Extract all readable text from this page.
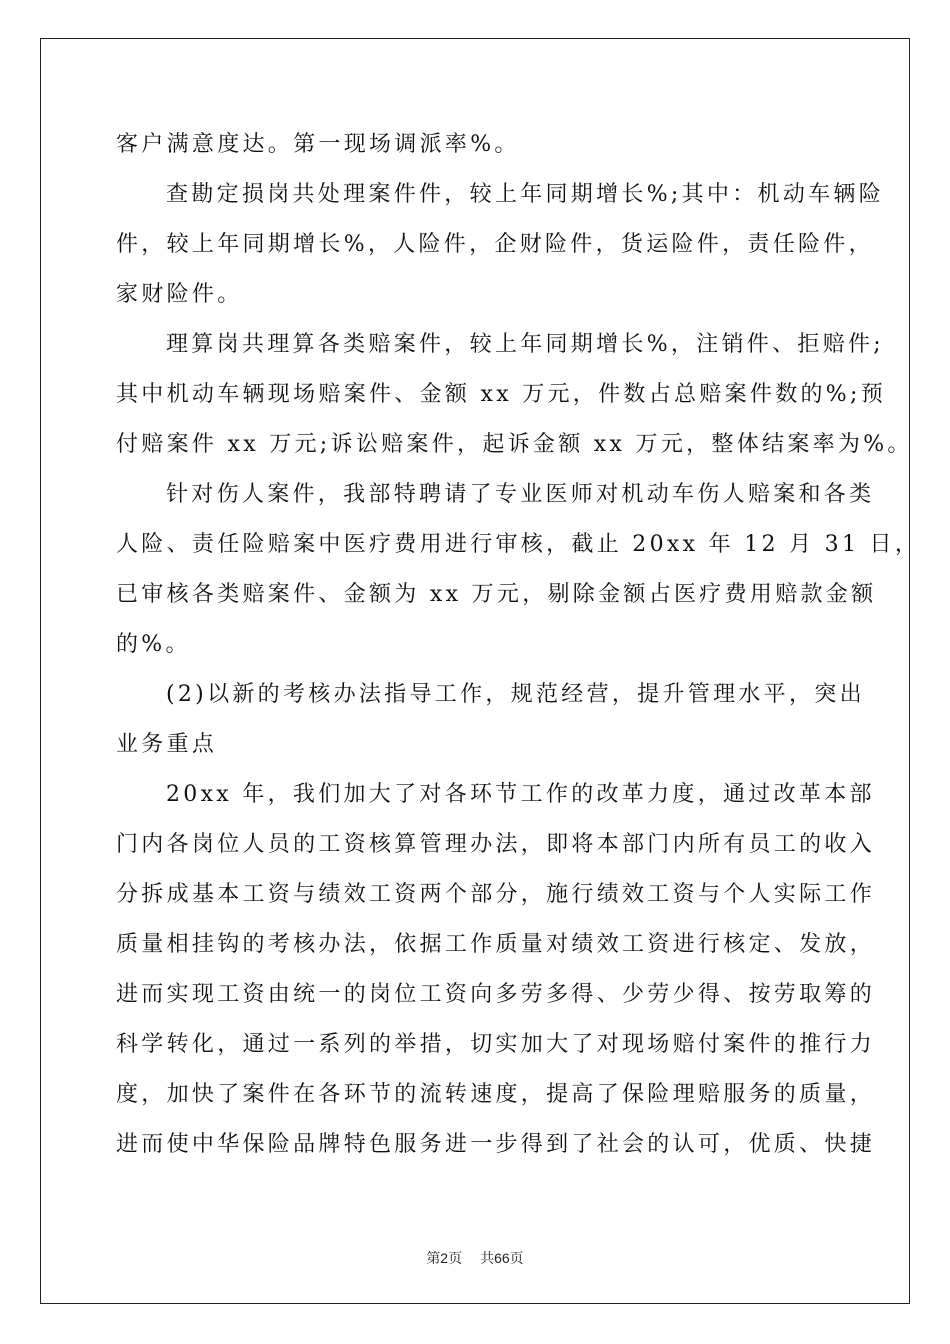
客户满意度达。第一现场调派率%。
查勘定损岗共处理案件件，较上年同期增长%;其中：机动车辆险
件，较上年同期增长%，人险件，企财险件，货运险件，责任险件，
家财险件。
理算岗共理算各类赔案件，较上年同期增长%，注销件、拒赔件;
其中机动车辆现场赔案件、金额 xx 万元，件数占总赔案件数的%;预
付赔案件 xx 万元;诉讼赔案件，起诉金额 xx 万元，整体结案率为%。
针对伤人案件，我部特聘请了专业医师对机动车伤人赔案和各类
人险、责任险赔案中医疗费用进行审核，截止 20xx 年 12 月 31 日，
已审核各类赔案件、金额为 xx 万元，剔除金额占医疗费用赔款金额
的%。
(2)以新的考核办法指导工作，规范经营，提升管理水平，突出
业务重点
20xx 年，我们加大了对各环节工作的改革力度，通过改革本部
门内各岗位人员的工资核算管理办法，即将本部门内所有员工的收入
分拆成基本工资与绩效工资两个部分，施行绩效工资与个人实际工作
质量相挂钩的考核办法，依据工作质量对绩效工资进行核定、发放，
进而实现工资由统一的岗位工资向多劳多得、少劳少得、按劳取筹的
科学转化，通过一系列的举措，切实加大了对现场赔付案件的推行力
度，加快了案件在各环节的流转速度，提高了保险理赔服务的质量，
进而使中华保险品牌特色服务进一步得到了社会的认可，优质、快捷
第2页 共66页
